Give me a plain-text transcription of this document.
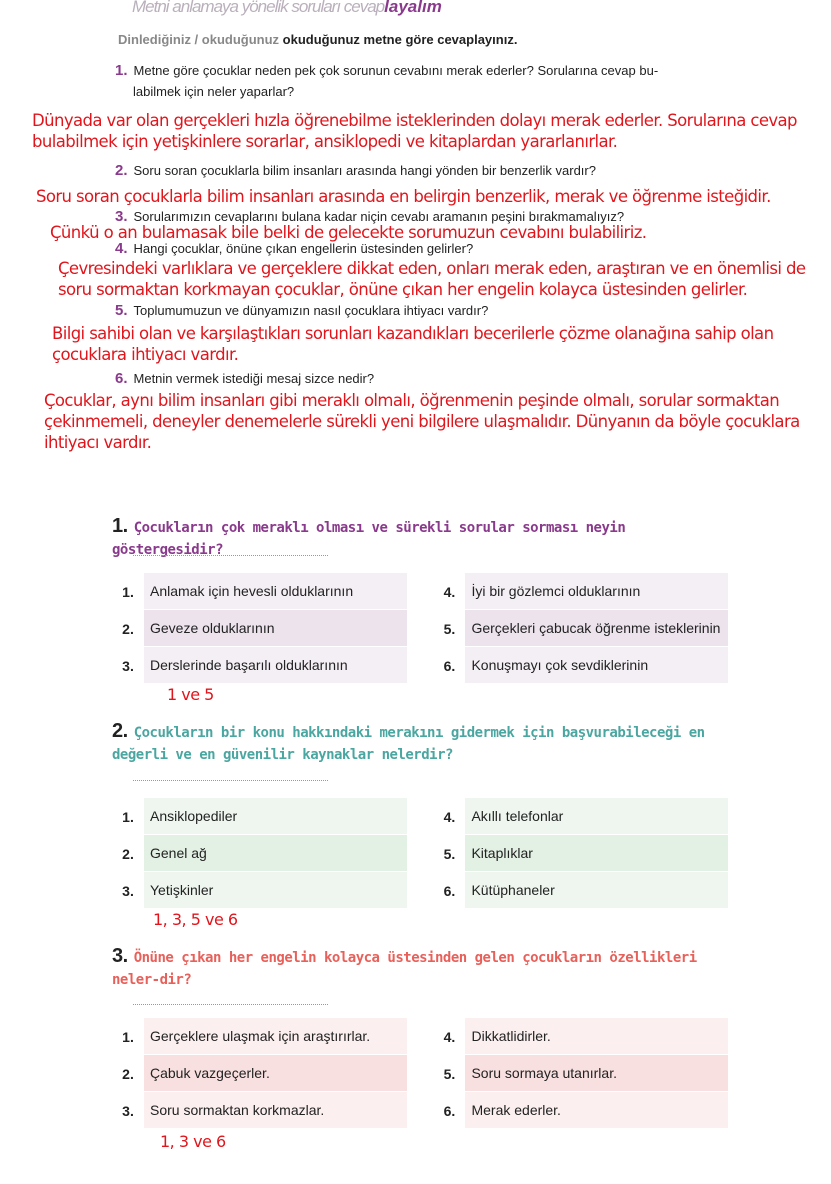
Metni anlamaya yönelik soruları cevaplayalım
Dinlediğiniz / okuduğunuz okuduğunuz metne göre cevaplayınız.
1. Metne göre çocuklar neden pek çok sorunun cevabını merak ederler? Sorularına cevap bu-
labilmek için neler yaparlar?
Dünyada var olan gerçekleri hızla öğrenebilme isteklerinden dolayı merak ederler. Sorularına cevap bulabilmek için yetişkinlere sorarlar, ansiklopedi ve kitaplardan yararlanırlar.
2. Soru soran çocuklarla bilim insanları arasında hangi yönden bir benzerlik vardır?
Soru soran çocuklarla bilim insanları arasında en belirgin benzerlik, merak ve öğrenme isteğidir.
3. Sorularımızın cevaplarını bulana kadar niçin cevabı aramanın peşini bırakmamalıyız?
Çünkü o an bulamasak bile belki de gelecekte sorumuzun cevabını bulabiliriz.
4. Hangi çocuklar, önüne çıkan engellerin üstesinden gelirler?
Çevresindeki varlıklara ve gerçeklere dikkat eden, onları merak eden, araştıran ve en önemlisi de soru sormaktan korkmayan çocuklar, önüne çıkan her engelin kolayca üstesinden gelirler.
5. Toplumumuzun ve dünyamızın nasıl çocuklara ihtiyacı vardır?
Bilgi sahibi olan ve karşılaştıkları sorunları kazandıkları becerilerle çözme olanağına sahip olan çocuklara ihtiyacı vardır.
6. Metnin vermek istediği mesaj sizce nedir?
Çocuklar, aynı bilim insanları gibi meraklı olmalı, öğrenmenin peşinde olmalı, sorular sormaktan çekinmemeli, deneyler denemelerle sürekli yeni bilgilere ulaşmalıdır. Dünyanın da böyle çocuklara ihtiyacı vardır.
1. Çocukların çok meraklı olması ve sürekli sorular sorması neyin göstergesidir?
1.	Anlamak için hevesli olduklarının	4.	İyi bir gözlemci olduklarının
2.	Geveze olduklarının	5.	Gerçekleri çabucak öğrenme isteklerinin
3.	Derslerinde başarılı olduklarının	6.	Konuşmayı çok sevdiklerinin
1 ve 5
2. Çocukların bir konu hakkındaki merakını gidermek için başvurabileceği en değerli ve en güvenilir kaynaklar nelerdir?
1.	Ansiklopediler	4.	Akıllı telefonlar
2.	Genel ağ	5.	Kitaplıklar
3.	Yetişkinler	6.	Kütüphaneler
1, 3, 5 ve 6
3. Önüne çıkan her engelin kolayca üstesinden gelen çocukların özellikleri neler-dir?
1.	Gerçeklere ulaşmak için araştırırlar.	4.	Dikkatlidirler.
2.	Çabuk vazgeçerler.	5.	Soru sormaya utanırlar.
3.	Soru sormaktan korkmazlar.	6.	Merak ederler.
1, 3 ve 6
